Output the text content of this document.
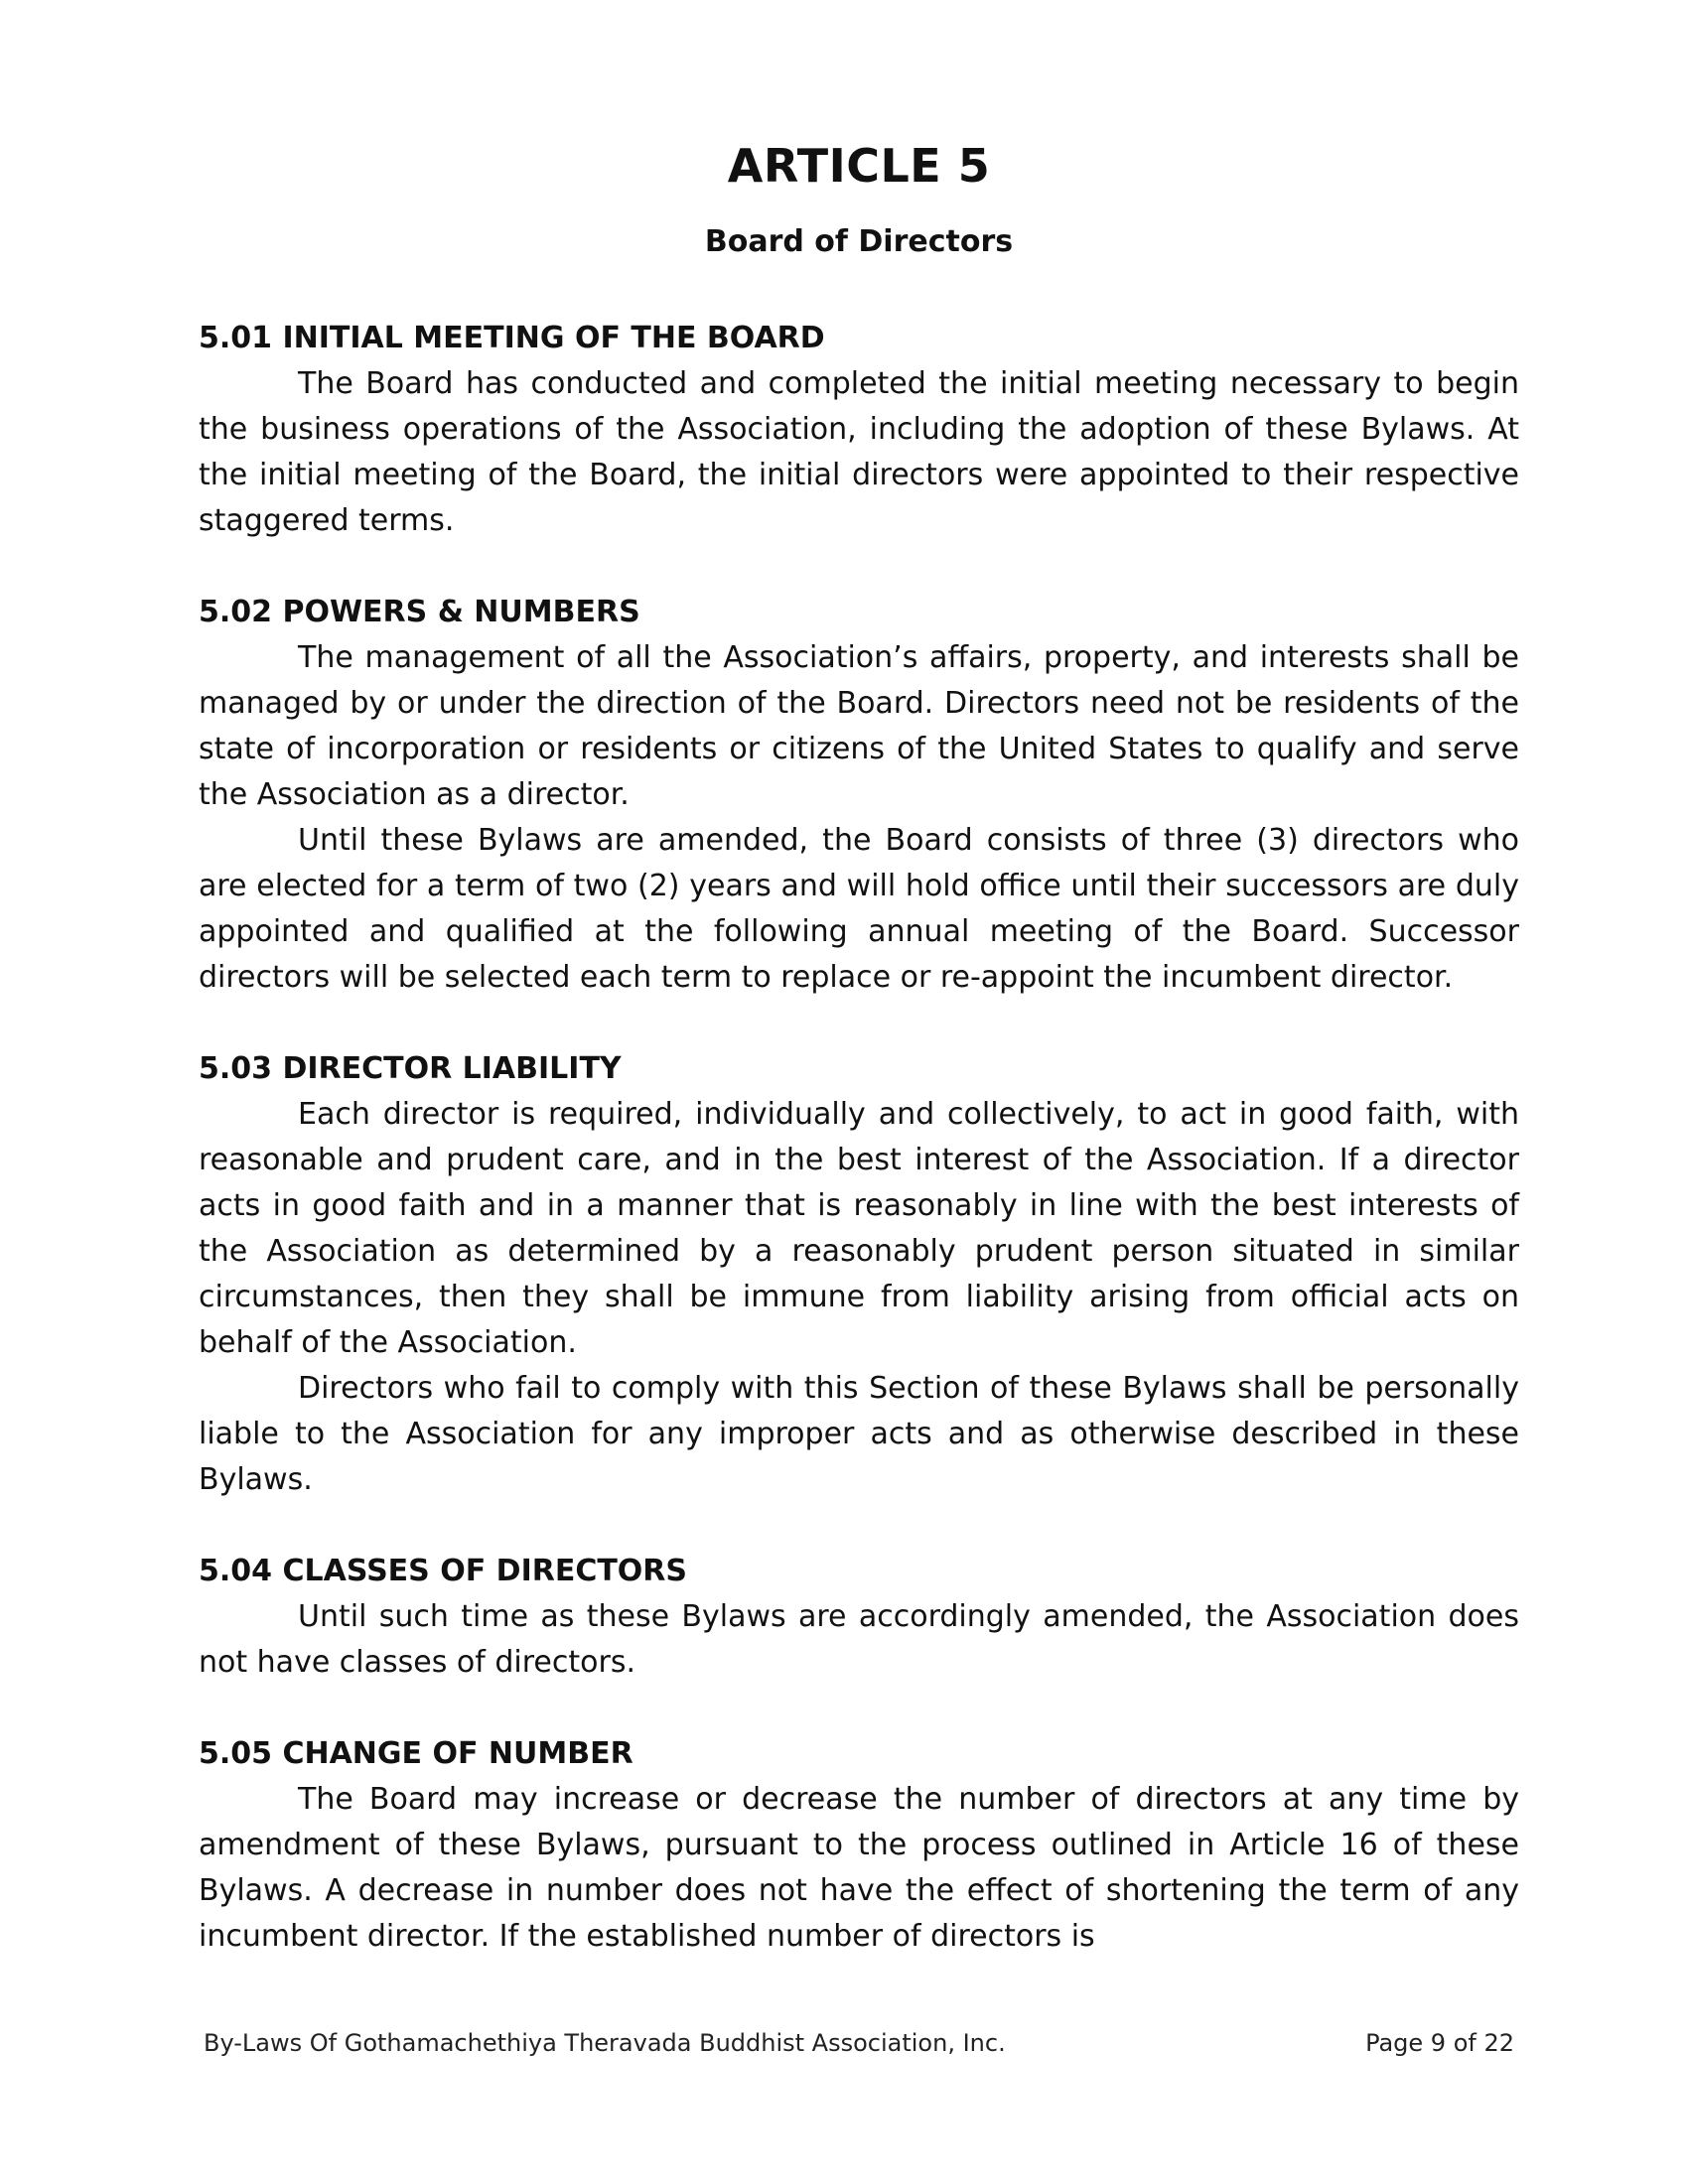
ARTICLE 5
Board of Directors

5.01 INITIAL MEETING OF THE BOARD

The Board has conducted and completed the initial meeting necessary to begin the business operations of the Association, including the adoption of these Bylaws. At the initial meeting of the Board, the initial directors were appointed to their respective staggered terms.

5.02 POWERS & NUMBERS

The management of all the Association’s affairs, property, and interests shall be managed by or under the direction of the Board. Directors need not be residents of the state of incorporation or residents or citizens of the United States to qualify and serve the Association as a director.

Until these Bylaws are amended, the Board consists of three (3) directors who are elected for a term of two (2) years and will hold office until their successors are duly appointed and qualified at the following annual meeting of the Board. Successor directors will be selected each term to replace or re-appoint the incumbent director.

5.03 DIRECTOR LIABILITY

Each director is required, individually and collectively, to act in good faith, with reasonable and prudent care, and in the best interest of the Association. If a director acts in good faith and in a manner that is reasonably in line with the best interests of the Association as determined by a reasonably prudent person situated in similar circumstances, then they shall be immune from liability arising from official acts on behalf of the Association.

Directors who fail to comply with this Section of these Bylaws shall be personally liable to the Association for any improper acts and as otherwise described in these Bylaws.

5.04 CLASSES OF DIRECTORS

Until such time as these Bylaws are accordingly amended, the Association does not have classes of directors.

5.05 CHANGE OF NUMBER

The Board may increase or decrease the number of directors at any time by amendment of these Bylaws, pursuant to the process outlined in Article 16 of these Bylaws. A decrease in number does not have the effect of shortening the term of any incumbent director. If the established number of directors is

By-Laws Of Gothamachethiya Theravada Buddhist Association, Inc.	Page 9 of 22
